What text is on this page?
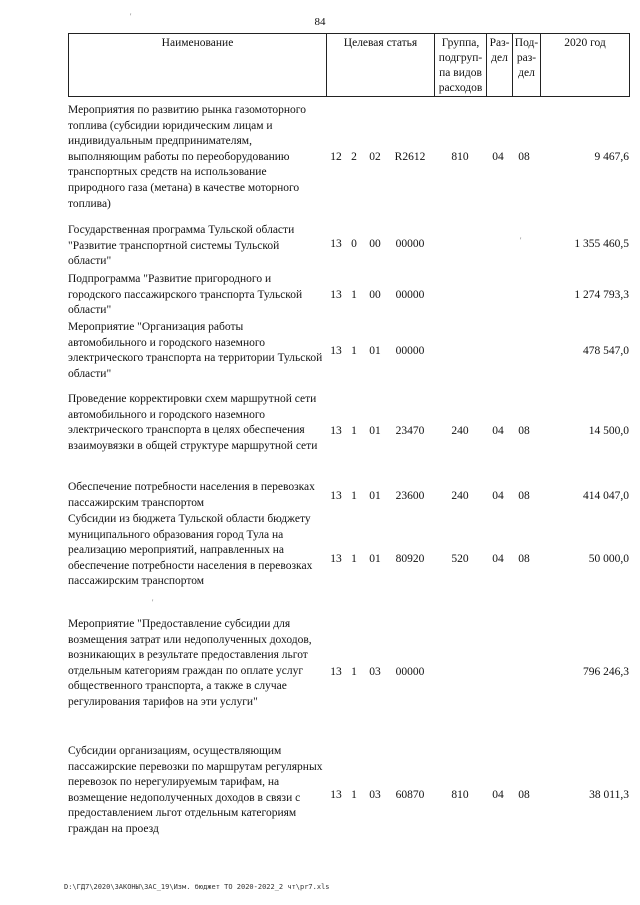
84
Наименование	Целевая статья	Группа,
подгруп-
па видов
расходов	Раз-
дел	Под-
раз-
дел	2020 год
Мероприятия по развитию рынка газомоторного топлива (субсидии юридическим лицам и индивидуальным предпринимателям, выполняющим работы по переоборудованию транспортных средств на использование природного газа (метана) в качестве моторного топлива)
12 2	02	R2612	810	04	08	9 467,6
Государственная программа Тульской области "Развитие транспортной системы Тульской области"
13 0	00	00000	1 355 460,5
Подпрограмма "Развитие пригородного и городского пассажирского транспорта Тульской области"
13 1	00	00000	1 274 793,3
Мероприятие "Организация работы автомобильного и городского наземного электрического транспорта на территории Тульской области"
13 1	01	00000	478 547,0
Проведение корректировки схем маршрутной сети автомобильного и городского наземного электрического транспорта в целях обеспечения взаимоувязки в общей структуре маршрутной сети
13 1	01	23470	240	04	08	14 500,0
Обеспечение потребности населения в перевозках пассажирским транспортом
13 1	01	23600	240	04	08	414 047,0
Субсидии из бюджета Тульской области бюджету муниципального образования город Тула на реализацию мероприятий, направленных на обеспечение потребности населения в перевозках пассажирским транспортом
13 1	01	80920	520	04	08	50 000,0
Мероприятие "Предоставление субсидии для возмещения затрат или недополученных доходов, возникающих в результате предоставления льгот отдельным категориям граждан по оплате услуг общественного транспорта, а также в случае регулирования тарифов на эти услуги"
13 1	03	00000	796 246,3
Субсидии организациям, осуществляющим пассажирские перевозки по маршрутам регулярных перевозок по нерегулируемым тарифам, на возмещение недополученных доходов в связи с предоставлением льгот отдельным категориям граждан на проезд
13 1	03	60870	810	04	08	38 011,3
'
'
'
D:\ГД7\2020\ЗАКОНЫ\ЗАС_19\Изм. бюджет ТО 2020-2022_2 чт\pr7.xls
